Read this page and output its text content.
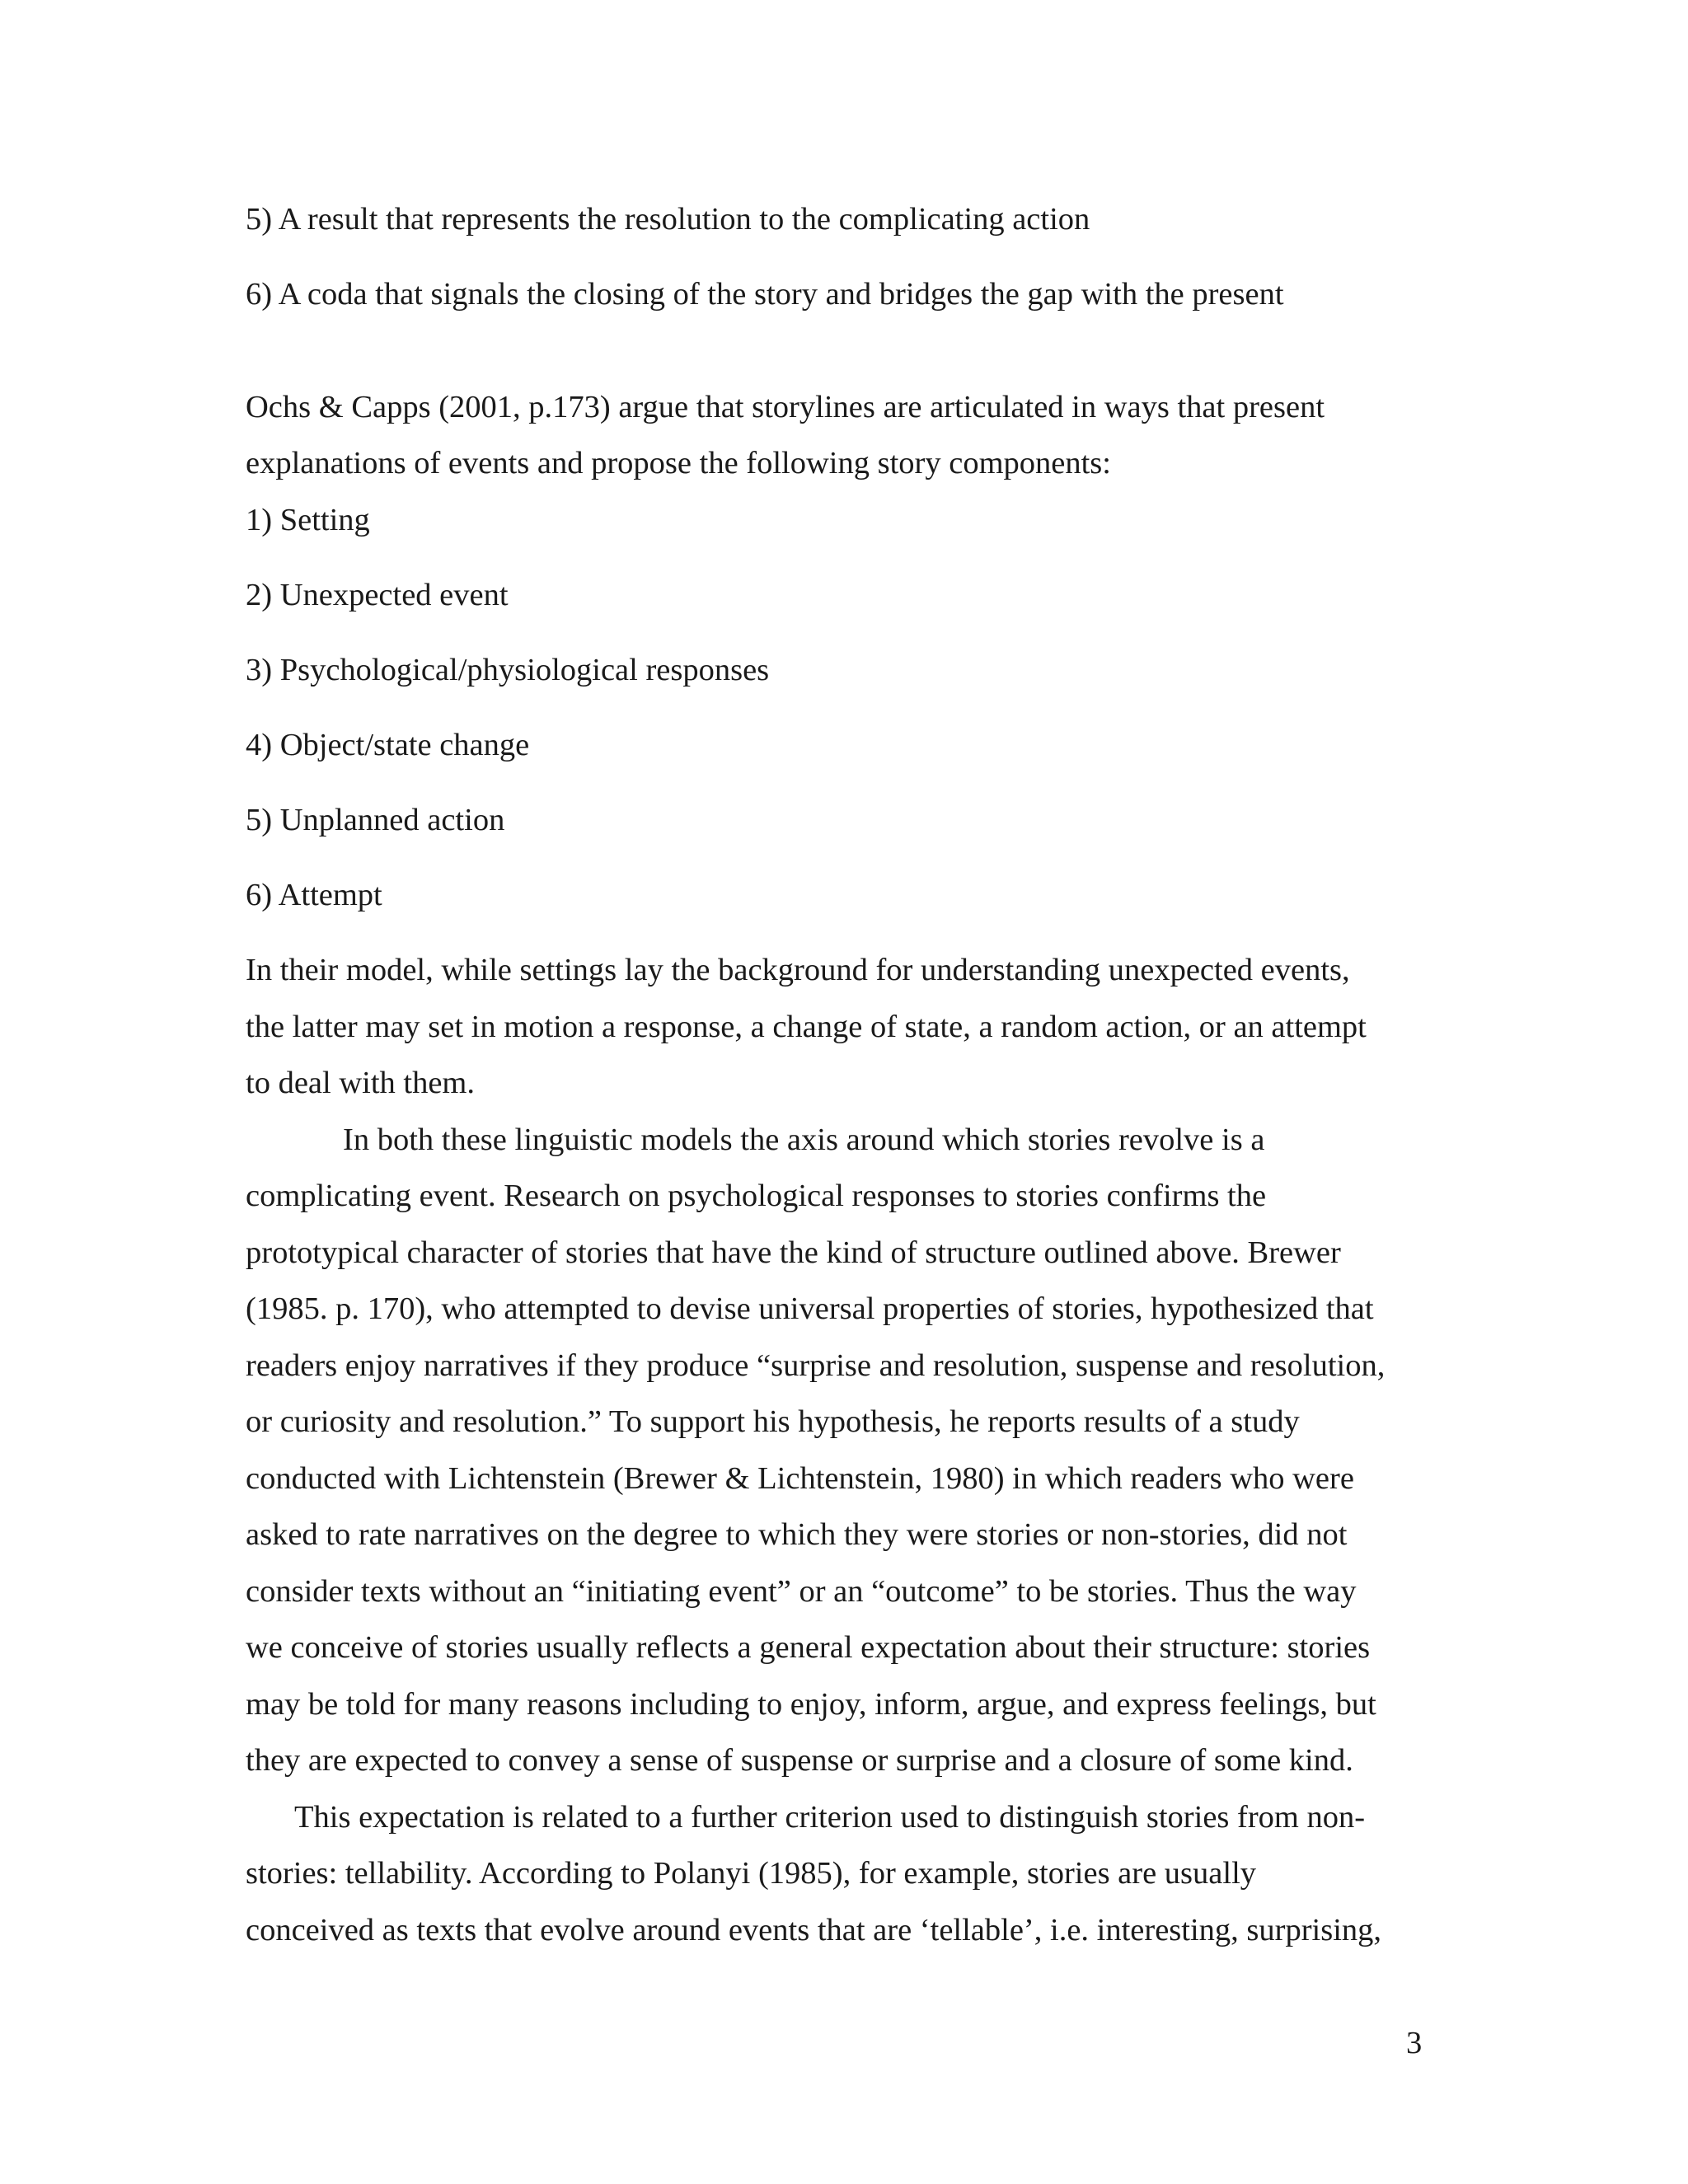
5) A result that represents the resolution to the complicating action

6) A coda that signals the closing of the story and bridges the gap with the present

Ochs & Capps (2001, p.173) argue that storylines are articulated in ways that present

explanations of events and propose the following story components:

1) Setting

2) Unexpected event

3) Psychological/physiological responses

4) Object/state change

5) Unplanned action

6) Attempt

In their model, while settings lay the background for understanding unexpected events,

the latter may set in motion a response, a change of state, a random action, or an attempt

to deal with them.

In both these linguistic models the axis around which stories revolve is a

complicating event. Research on psychological responses to stories confirms the

prototypical character of stories that have the kind of structure outlined above. Brewer

(1985. p. 170), who attempted to devise universal properties of stories, hypothesized that

readers enjoy narratives if they produce “surprise and resolution, suspense and resolution,

or curiosity and resolution.” To support his hypothesis, he reports results of a study

conducted with Lichtenstein (Brewer & Lichtenstein, 1980) in which readers who were

asked to rate narratives on the degree to which they were stories or non-stories, did not

consider texts without an “initiating event” or an “outcome” to be stories. Thus the way

we conceive of stories usually reflects a general expectation about their structure: stories

may be told for many reasons including to enjoy, inform, argue, and express feelings, but

they are expected to convey a sense of suspense or surprise and a closure of some kind.

This expectation is related to a further criterion used to distinguish stories from non-

stories: tellability. According to Polanyi (1985), for example, stories are usually

conceived as texts that evolve around events that are ‘tellable’, i.e. interesting, surprising,

3
